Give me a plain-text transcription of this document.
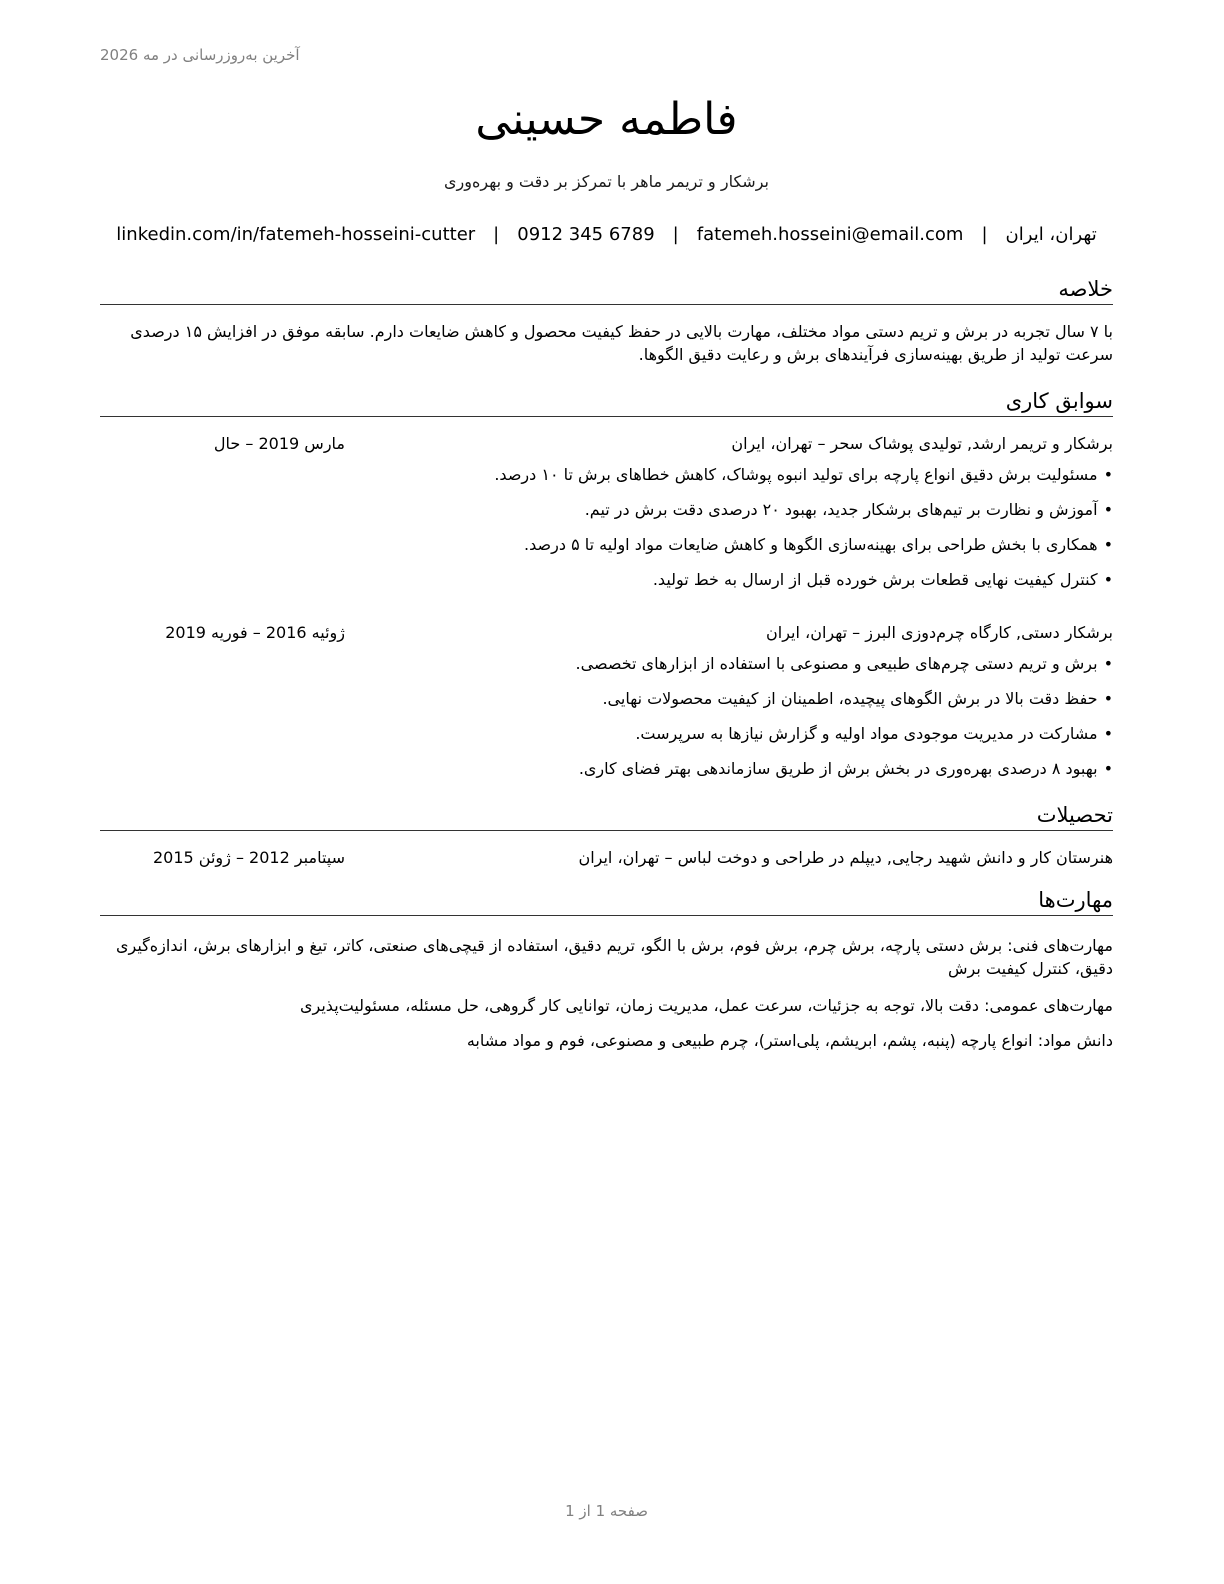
آخرین به‌روزرسانی در مه 2026
فاطمه حسینی
برشکار و تریمر ماهر با تمرکز بر دقت و بهره‌وری
تهران، ایران
|
fatemeh.hosseini@email.com
|
0912 345 6789
|
linkedin.com/in/fatemeh-hosseini-cutter
خلاصه

با ۷ سال تجربه در برش و تریم دستی مواد مختلف، مهارت بالایی در حفظ کیفیت محصول و کاهش ضایعات دارم. سابقه موفق در افزایش ۱۵ درصدی سرعت تولید از طریق بهینه‌سازی فرآیندهای برش و رعایت دقیق الگوها.

سوابق کاری
برشکار و تریمر ارشد, تولیدی پوشاک سحر – تهران، ایران
مارس 2019 – حال
•مسئولیت برش دقیق انواع پارچه برای تولید انبوه پوشاک، کاهش خطاهای برش تا ۱۰ درصد.
•آموزش و نظارت بر تیم‌های برشکار جدید، بهبود ۲۰ درصدی دقت برش در تیم.
•همکاری با بخش طراحی برای بهینه‌سازی الگوها و کاهش ضایعات مواد اولیه تا ۵ درصد.
•کنترل کیفیت نهایی قطعات برش خورده قبل از ارسال به خط تولید.
برشکار دستی, کارگاه چرم‌دوزی البرز – تهران، ایران
ژوئیه 2016 – فوریه 2019
•برش و تریم دستی چرم‌های طبیعی و مصنوعی با استفاده از ابزارهای تخصصی.
•حفظ دقت بالا در برش الگوهای پیچیده، اطمینان از کیفیت محصولات نهایی.
•مشارکت در مدیریت موجودی مواد اولیه و گزارش نیازها به سرپرست.
•بهبود ۸ درصدی بهره‌وری در بخش برش از طریق سازماندهی بهتر فضای کاری.
تحصیلات
هنرستان کار و دانش شهید رجایی, دیپلم در طراحی و دوخت لباس – تهران، ایران
سپتامبر 2012 – ژوئن 2015
مهارت‌ها

مهارت‌های فنی: برش دستی پارچه، برش چرم، برش فوم، برش با الگو، تریم دقیق، استفاده از قیچی‌های صنعتی، کاتر، تیغ و ابزارهای برش، اندازه‌گیری دقیق، کنترل کیفیت برش

مهارت‌های عمومی: دقت بالا، توجه به جزئیات، سرعت عمل، مدیریت زمان، توانایی کار گروهی، حل مسئله، مسئولیت‌پذیری

دانش مواد: انواع پارچه (پنبه، پشم، ابریشم، پلی‌استر)، چرم طبیعی و مصنوعی، فوم و مواد مشابه

صفحه 1 از 1
